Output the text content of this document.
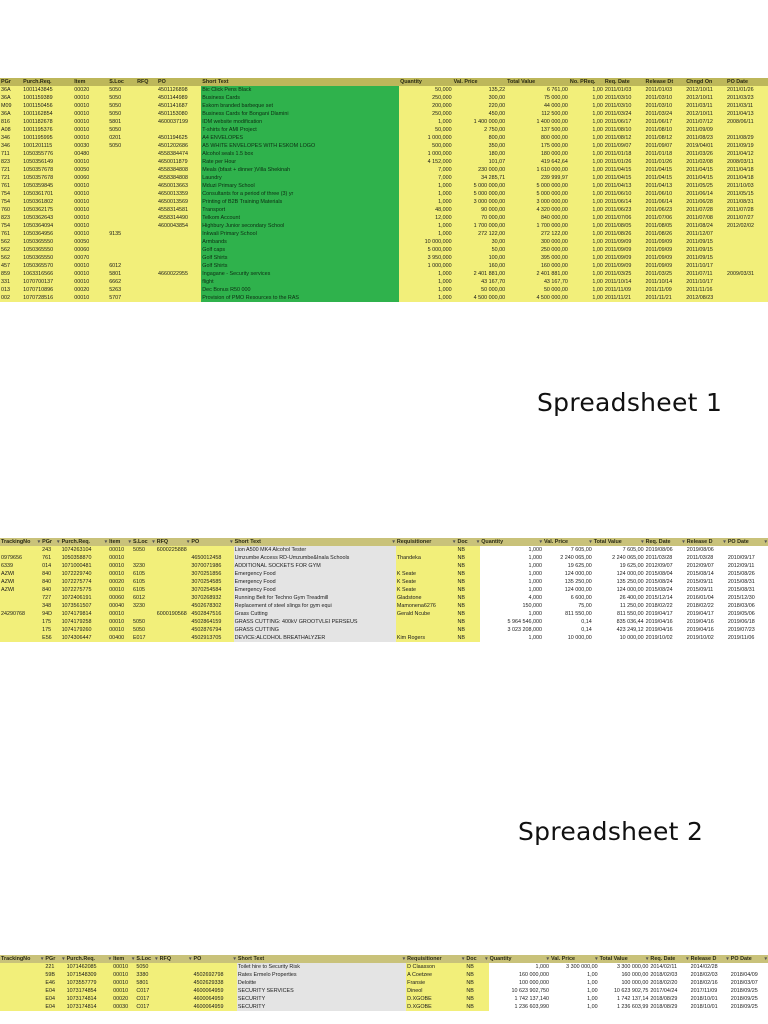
PGr	Purch.Req.	Item	S.Loc	RFQ	PO	Short Text	Quantity	Val. Price	Total Value	No. PReq.	Req. Date	Release Dt	Chngd On	PO Date
36A	1001143845	00020	5050		4501126898	Bic Click Pens Black	50,000	135,22	6 761,00	1,00	2011/01/03	2011/01/03	2012/10/11	2011/01/26
36A	1001159389	00010	5050		4501144989	Business Cards	250,000	300,00	75 000,00	1,00	2011/03/10	2011/03/10	2012/10/11	2011/03/23
M09	1001150456	00010	5050		4501141687	Eskom branded barbeque set	200,000	220,00	44 000,00	1,00	2011/03/10	2011/03/10	2011/03/11	2011/03/11
36A	1001162854	00010	5050		4501153080	Business Cards for Bongani Dlamini	250,000	450,00	112 500,00	1,00	2011/03/24	2011/03/24	2012/10/11	2011/04/13
816	1001182678	00010	5801		4600037199	IDM website modification	1,000	1 400 000,00	1 400 000,00	1,00	2011/06/17	2011/06/17	2011/07/12	2008/06/11
A08	1001195376	00010	5050			T-shirts for AMI Project	50,000	2 750,00	137 500,00	1,00	2011/08/10	2011/08/10	2011/09/09	
346	1001195995	00010	0201		4501194625	A4 ENVELOPES	1 000,000	800,00	800 000,00	1,00	2011/08/12	2011/08/12	2011/08/23	2011/08/29
346	1001201115	00030	5050		4501202686	A5 WHITE ENVELOPES WITH ESKOM LOGO	500,000	350,00	175 000,00	1,00	2011/09/07	2011/09/07	2019/04/01	2011/09/19
711	1050355776	00480			4558384474	Alcohol seals 1.5 box	1 000,000	180,00	180 000,00	1,00	2011/01/18	2011/01/18	2011/03/26	2011/04/12
823	1050356149	00010			4650011879	Rate per Hour	4 152,000	101,07	419 642,64	1,00	2011/01/26	2011/01/26	2011/02/08	2008/03/11
721	1050357678	00050			4558384808	Meals (bfast + dinner )Villa Shekinah	7,000	230 000,00	1 610 000,00	1,00	2011/04/15	2011/04/15	2011/04/15	2011/04/18
721	1050357678	00060			4558384808	Laundry	7,000	34 285,71	239 999,97	1,00	2011/04/15	2011/04/15	2011/04/15	2011/04/18
761	1050359845	00010			4650013663	Mduzi Primary School	1,000	5 000 000,00	5 000 000,00	1,00	2011/04/13	2011/04/13	2011/05/25	2011/10/03
754	1050361701	00010			4650013359	Consultants for a period of three (3) yr	1,000	5 000 000,00	5 000 000,00	1,00	2011/06/10	2011/06/10	2011/06/14	2011/05/15
754	1050361802	00010			4650013569	Printing of B2B Training Materials	1,000	3 000 000,00	3 000 000,00	1,00	2011/06/14	2011/06/14	2011/06/28	2011/08/31
760	1050362175	00010			4558314581	Transport	48,000	90 000,00	4 320 000,00	1,00	2011/06/23	2011/06/23	2011/07/28	2011/07/28
823	1050362643	00010			4558314490	Telkom Account	12,000	70 000,00	840 000,00	1,00	2011/07/06	2011/07/06	2011/07/08	2011/07/27
754	1050364094	00010			4600043854	Highbury Junior secondary School	1,000	1 700 000,00	1 700 000,00	1,00	2011/08/05	2011/08/05	2011/08/24	2012/02/02
761	1050364956	00010	9135			Inkwali Primary School	1,000	272 122,00	272 122,00	1,00	2011/08/26	2011/08/26	2011/12/07	
562	1050365550	00050				Armbands	10 000,000	30,00	300 000,00	1,00	2011/09/09	2011/09/09	2011/09/15	
562	1050365550	00060				Golf caps	5 000,000	50,00	250 000,00	1,00	2011/09/09	2011/09/09	2011/09/15	
562	1050365550	00070				Golf Shirts	3 950,000	100,00	395 000,00	1,00	2011/09/09	2011/09/09	2011/09/15	
457	1050365570	00010	6012			Golf Shirts	1 000,000	160,00	160 000,00	1,00	2011/09/09	2011/09/09	2011/10/17	
859	1063316566	00010	5801		4660022955	Ingagane - Security services	1,000	2 401 881,00	2 401 881,00	1,00	2011/03/25	2011/03/25	2011/07/11	2009/03/31
331	1070700137	00010	6662			flight	1,000	43 167,70	43 167,70	1,00	2011/10/14	2011/10/14	2011/10/17	
013	1070710896	00020	5263			Dec Bonus R50 000	1,000	50 000,00	50 000,00	1,00	2011/11/09	2011/11/09	2011/11/16	
002	1070728516	00010	5707			Provision of PMO Resources to the RAS	1,000	4 500 000,00	4 500 000,00	1,00	2011/11/21	2011/11/21	2012/08/23	
Spreadsheet 1
TrackingNo ▾	PGr ▾	Purch.Req. ▾	Item ▾	S.Loc ▾	RFQ ▾	PO ▾	Short Text ▾	Requisitioner ▾	Doc ▾	Quantity ▾	Val. Price ▾	Total Value ▾	Req. Date ▾	Release D ▾	PO Date ▾
	243	1074263104	00010	5050	6000225888		Lion A500 MK4 Alcohol Tester		NB	1,000	7 605,00	7 605,00	2019/08/06	2019/08/06	
0979656	761	1050358870	00010			4650012458	Umzumbe Access RD-Umzumbe&Inala Schools	Thandeka	NB	1,000	2 240 065,00	2 240 065,00	2011/03/28	2011/03/28	2010/09/17
6339	014	1071000481	00010	3230		3070071986	ADDITIONAL SOCKETS FOR GYM		NB	1,000	19 625,00	19 625,00	2012/09/07	2012/09/07	2012/09/11
AZWI	840	1072229740	00010	6105		3070251856	Emergency Food	K Seate	NB	1,000	124 000,00	124 000,00	2015/08/04	2015/08/14	2015/08/26
AZWI	840	1072275774	00020	6105		3070254585	Emergency Food	K Seate	NB	1,000	135 250,00	135 250,00	2015/08/24	2015/09/11	2015/08/31
AZWI	840	1072275775	00010	6105		3070254584	Emergency Food	K Seate	NB	1,000	124 000,00	124 000,00	2015/08/24	2015/09/11	2015/08/31
	727	1072406191	00060	6012		3070268932	Running Belt for Techno Gym Treadmill	Gladstone	NB	4,000	6 600,00	26 400,00	2015/12/14	2016/01/04	2015/12/30
	348	1073561507	00040	3230		4502678302	Replacement of steel slings for gym equi	Mamonena6276	NB	150,000	75,00	11 250,00	2018/02/22	2018/02/22	2018/03/06
24290768	94D	1074179814	00010		6000190568	4502847516	Grass Cutting	Gerald Ncube	NB	1,000	811 550,00	811 550,00	2019/04/17	2019/04/17	2019/05/06
	175	1074179258	00010	5050		4502864159	GRASS CUTTING: 400kV GROOTVLEI PERSEUS		NB	5 964 546,000	0,14	835 036,44	2019/04/16	2019/04/16	2019/06/18
	175	1074179260	00010	5050		4502876794	GRASS CUTTING		NB	3 023 208,000	0,14	423 249,12	2019/04/16	2019/04/16	2019/07/23
	E56	1074306447	00400	E017		4502913705	DEVICE:ALCOHOL BREATHALYZER	Kim Rogers	NB	1,000	10 000,00	10 000,00	2019/10/02	2019/10/02	2019/11/06
Spreadsheet 2
TrackingNo ▾	PGr ▾	Purch.Req. ▾	Item ▾	S.Loc ▾	RFQ ▾	PO ▾	Short Text ▾	Requisitioner ▾	Doc ▾	Quantity ▾	Val. Price ▾	Total Value ▾	Req. Date ▾	Release D ▾	PO Date ▾
	221	1071462085	00010	5050			Toilet hire to Security Risk	D Claasson	NB	1,000	3 300 000,00	3 300 000,00	2014/02/11	2014/02/28	
	59B	1071548309	00010	3380		4502692798	Rates Ermelo Properties	A Coetzee	NB	160 000,000	1,00	160 000,00	2018/02/03	2018/02/03	2018/04/09
	E46	1073557779	00010	5801		4502629338	Deloitte	Fransie	NB	100 000,000	1,00	100 000,00	2018/02/20	2018/02/16	2018/03/07
	E04	1073174854	00010	C017		4600064959	SECURITY SERVICES	Dineol	NB	10 623 902,750	1,00	10 623 902,75	2017/04/24	2017/11/09	2018/09/25
	E04	1073174814	00020	C017		4600064959	SECURITY	D.XGOBE	NB	1 742 137,140	1,00	1 742 137,14	2018/08/29	2018/10/01	2018/09/25
	E04	1073174814	00030	C017		4600064959	SECURITY	D.XGOBE	NB	1 236 603,990	1,00	1 236 603,99	2018/08/29	2018/10/01	2018/09/25
